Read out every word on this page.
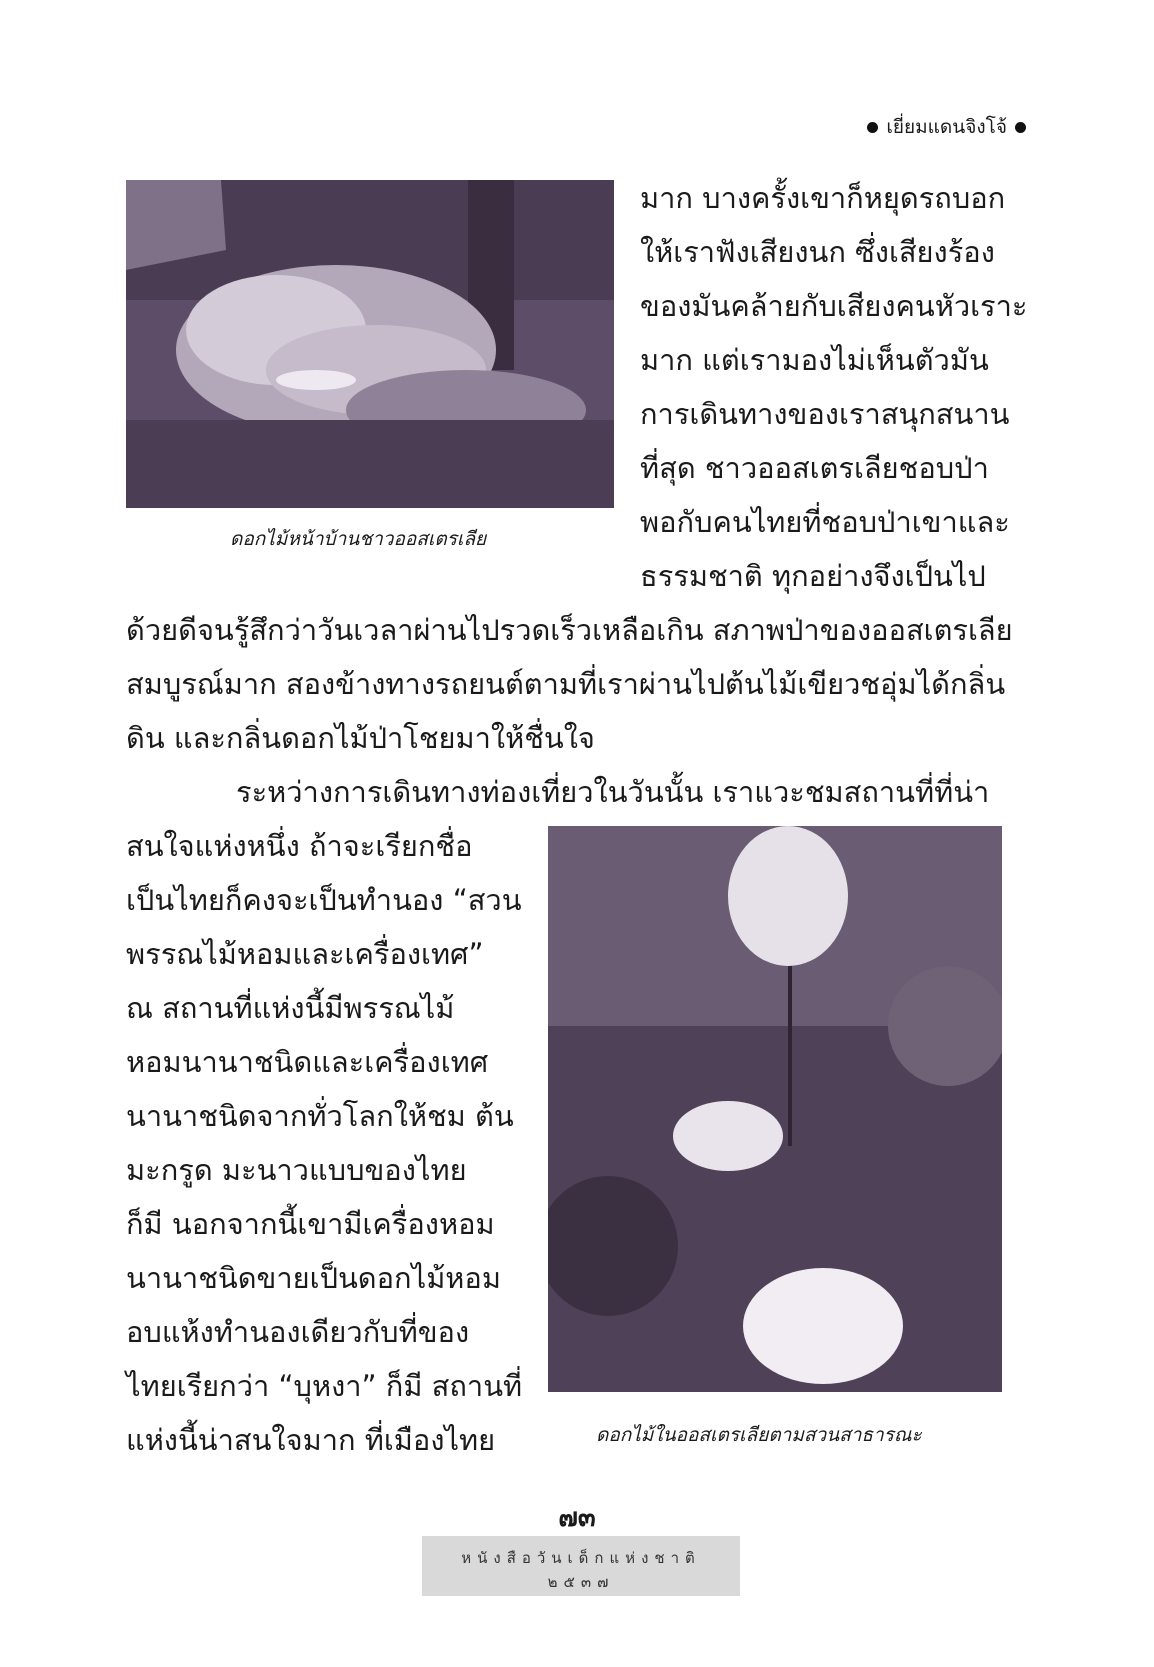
เยี่ยมแดนจิงโจ้
ดอกไม้หน้าบ้านชาวออสเตรเลีย
มาก บางครั้งเขาก็หยุดรถบอก
ให้เราฟังเสียงนก ซึ่งเสียงร้อง
ของมันคล้ายกับเสียงคนหัวเราะ
มาก แต่เรามองไม่เห็นตัวมัน
การเดินทางของเราสนุกสนาน
ที่สุด ชาวออสเตรเลียชอบป่า
พอกับคนไทยที่ชอบป่าเขาและ
ธรรมชาติ ทุกอย่างจึงเป็นไป
ด้วยดีจนรู้สึกว่าวันเวลาผ่านไปรวดเร็วเหลือเกิน สภาพป่าของออสเตรเลีย
สมบูรณ์มาก สองข้างทางรถยนต์ตามที่เราผ่านไปต้นไม้เขียวชอุ่มได้กลิ่น
ดิน และกลิ่นดอกไม้ป่าโชยมาให้ชื่นใจ
ระหว่างการเดินทางท่องเที่ยวในวันนั้น เราแวะชมสถานที่ที่น่า
สนใจแห่งหนึ่ง ถ้าจะเรียกชื่อ
เป็นไทยก็คงจะเป็นทำนอง “สวน
พรรณไม้หอมและเครื่องเทศ”
ณ สถานที่แห่งนี้มีพรรณไม้
หอมนานาชนิดและเครื่องเทศ
นานาชนิดจากทั่วโลกให้ชม ต้น
มะกรูด มะนาวแบบของไทย
ก็มี นอกจากนี้เขามีเครื่องหอม
นานาชนิดขายเป็นดอกไม้หอม
อบแห้งทำนองเดียวกับที่ของ
ไทยเรียกว่า “บุหงา” ก็มี สถานที่
แห่งนี้น่าสนใจมาก ที่เมืองไทย	ดอกไม้ในออสเตรเลียตามสวนสาธารณะ
๗๓
หนังสือวันเด็กแห่งชาติ
๒๕๓๗
